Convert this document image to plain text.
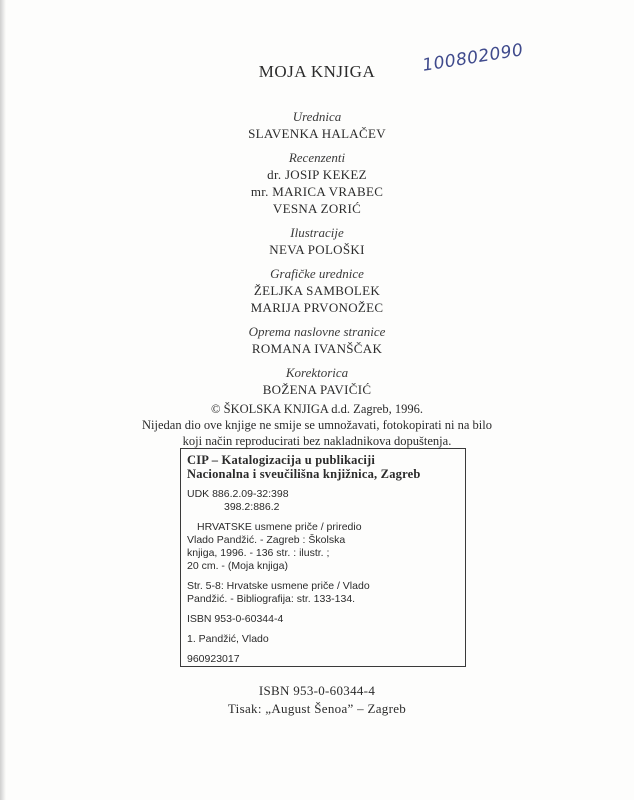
MOJA KNJIGA	100802090
Urednica
SLAVENKA HALAČEV
Recenzenti
dr. JOSIP KEKEZ
mr. MARICA VRABEC
VESNA ZORIĆ
Ilustracije
NEVA POLOŠKI
Grafičke urednice
ŽELJKA SAMBOLEK
MARIJA PRVONOŽEC
Oprema naslovne stranice
ROMANA IVANŠČAK
Korektorica
BOŽENA PAVIČIĆ
© ŠKOLSKA KNJIGA d.d. Zagreb, 1996.
Nijedan dio ove knjige ne smije se umnožavati, fotokopirati ni na bilo
koji način reproducirati bez nakladnikova dopuštenja.
CIP – Katalogizacija u publikaciji
Nacionalna i sveučilišna knjižnica, Zagreb
UDK 886.2.09-32:398
398.2:886.2
HRVATSKE usmene priče / priredio
Vlado Pandžić. - Zagreb : Školska
knjiga, 1996. - 136 str. : ilustr. ;
20 cm. - (Moja knjiga)
Str. 5-8: Hrvatske usmene priče / Vlado
Pandžić. - Bibliografija: str. 133-134.
ISBN 953-0-60344-4
1. Pandžić, Vlado
960923017
ISBN 953-0-60344-4
Tisak: „August Šenoa” – Zagreb
